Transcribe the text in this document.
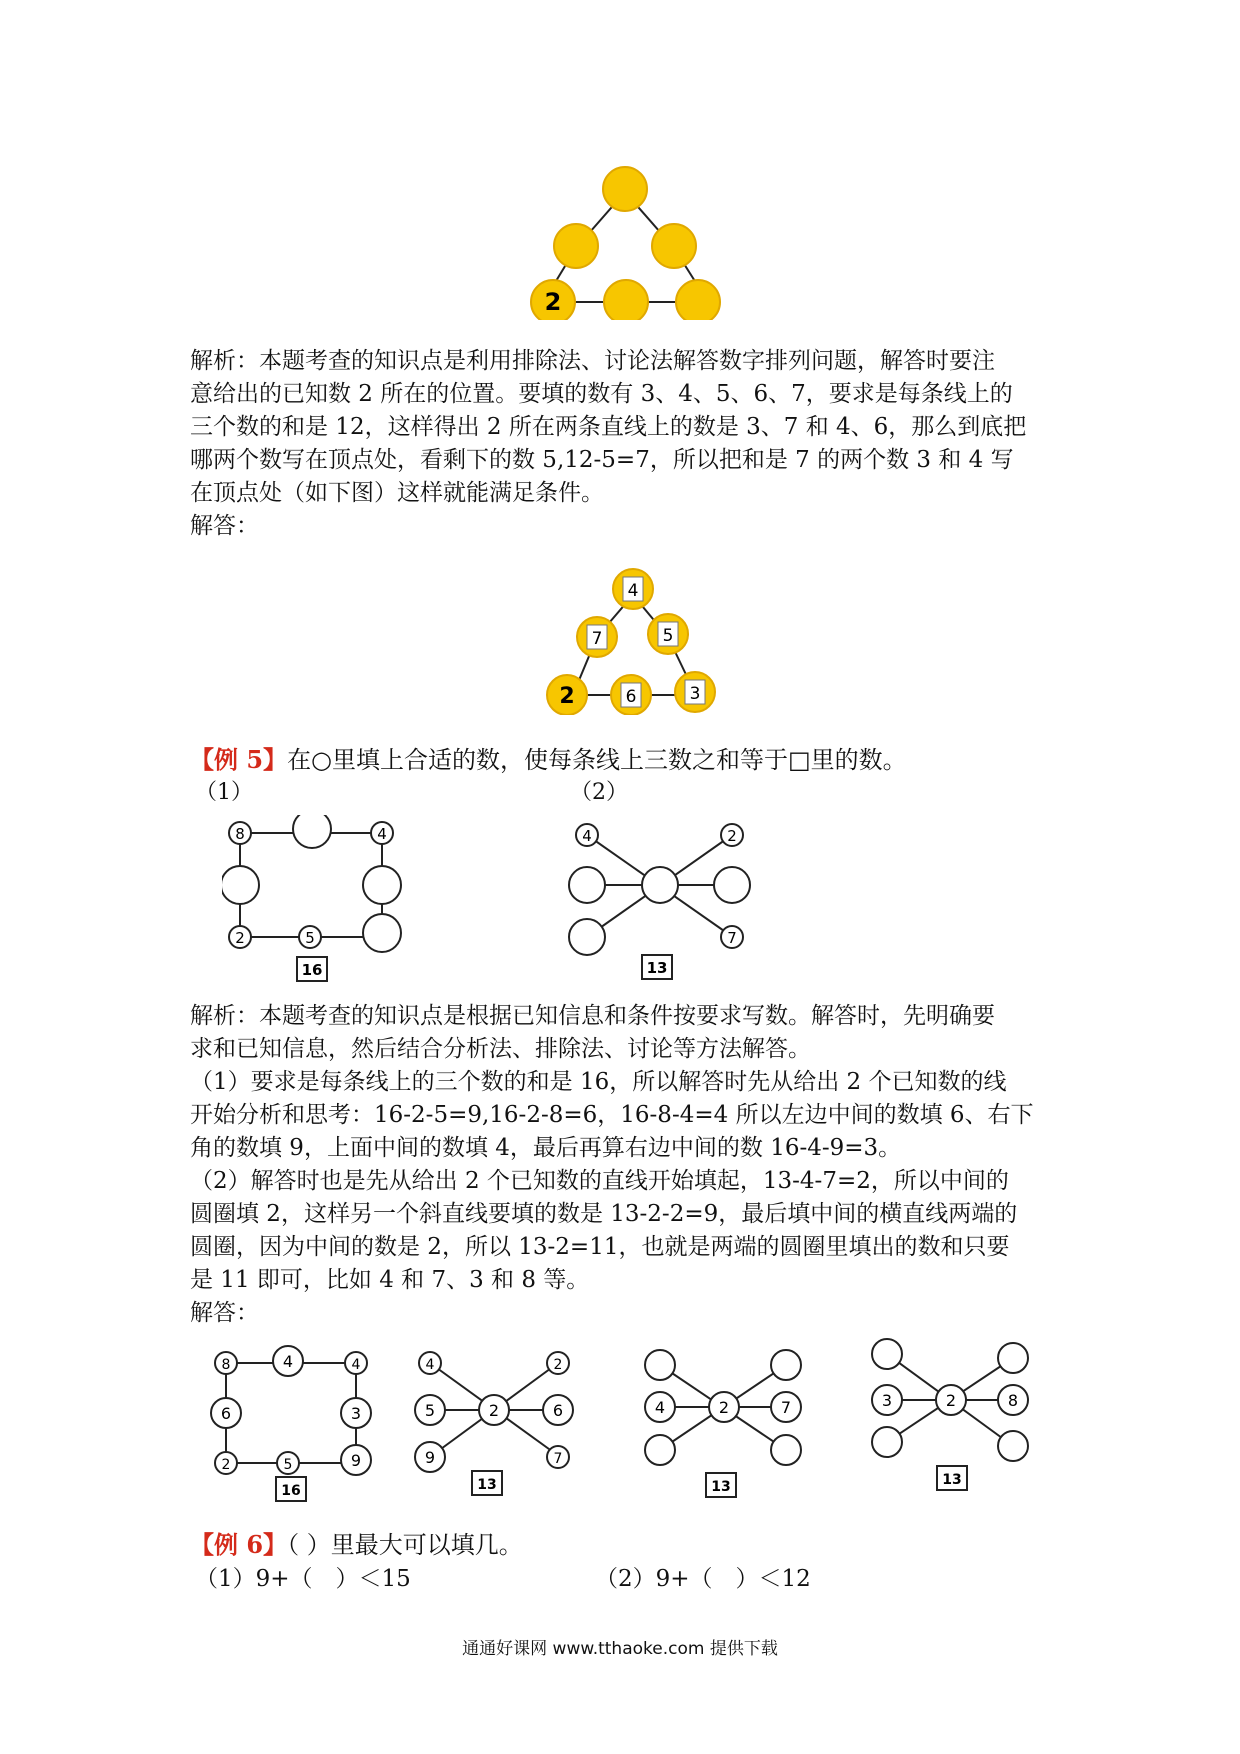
2
解析：本题考查的知识点是利用排除法、讨论法解答数字排列问题，解答时要注
意给出的已知数 2 所在的位置。要填的数有 3、4、5、6、7，要求是每条线上的
三个数的和是 12，这样得出 2 所在两条直线上的数是 3、7 和 4、6，那么到底把
哪两个数写在顶点处，看剩下的数 5,12-5=7，所以把和是 7 的两个数 3 和 4 写
在顶点处（如下图）这样就能满足条件。
解答：
4
7	5
2	6	3
【例 5】在○里填上合适的数，使每条线上三数之和等于□里的数。
（1）	（2）
8	4
2	5
16
4	2
7
13
解析：本题考查的知识点是根据已知信息和条件按要求写数。解答时，先明确要
求和已知信息，然后结合分析法、排除法、讨论等方法解答。
（1）要求是每条线上的三个数的和是 16，所以解答时先从给出 2 个已知数的线
开始分析和思考：16-2-5=9,16-2-8=6，16-8-4=4 所以左边中间的数填 6、右下
角的数填 9，上面中间的数填 4，最后再算右边中间的数 16-4-9=3。
（2）解答时也是先从给出 2 个已知数的直线开始填起，13-4-7=2，所以中间的
圆圈填 2，这样另一个斜直线要填的数是 13-2-2=9，最后填中间的横直线两端的
圆圈，因为中间的数是 2，所以 13-2=11，也就是两端的圆圈里填出的数和只要
是 11 即可，比如 4 和 7、3 和 8 等。
解答：
8	4	4
6	3
2	5	9
16
4	2
5	2	6
9	7
13
4	2	7
13
3	2	8
13
【例 6】（ ）里最大可以填几。
（1）9+（　）＜15	（2）9+（　）＜12
通通好课网 www.tthaoke.com 提供下载
